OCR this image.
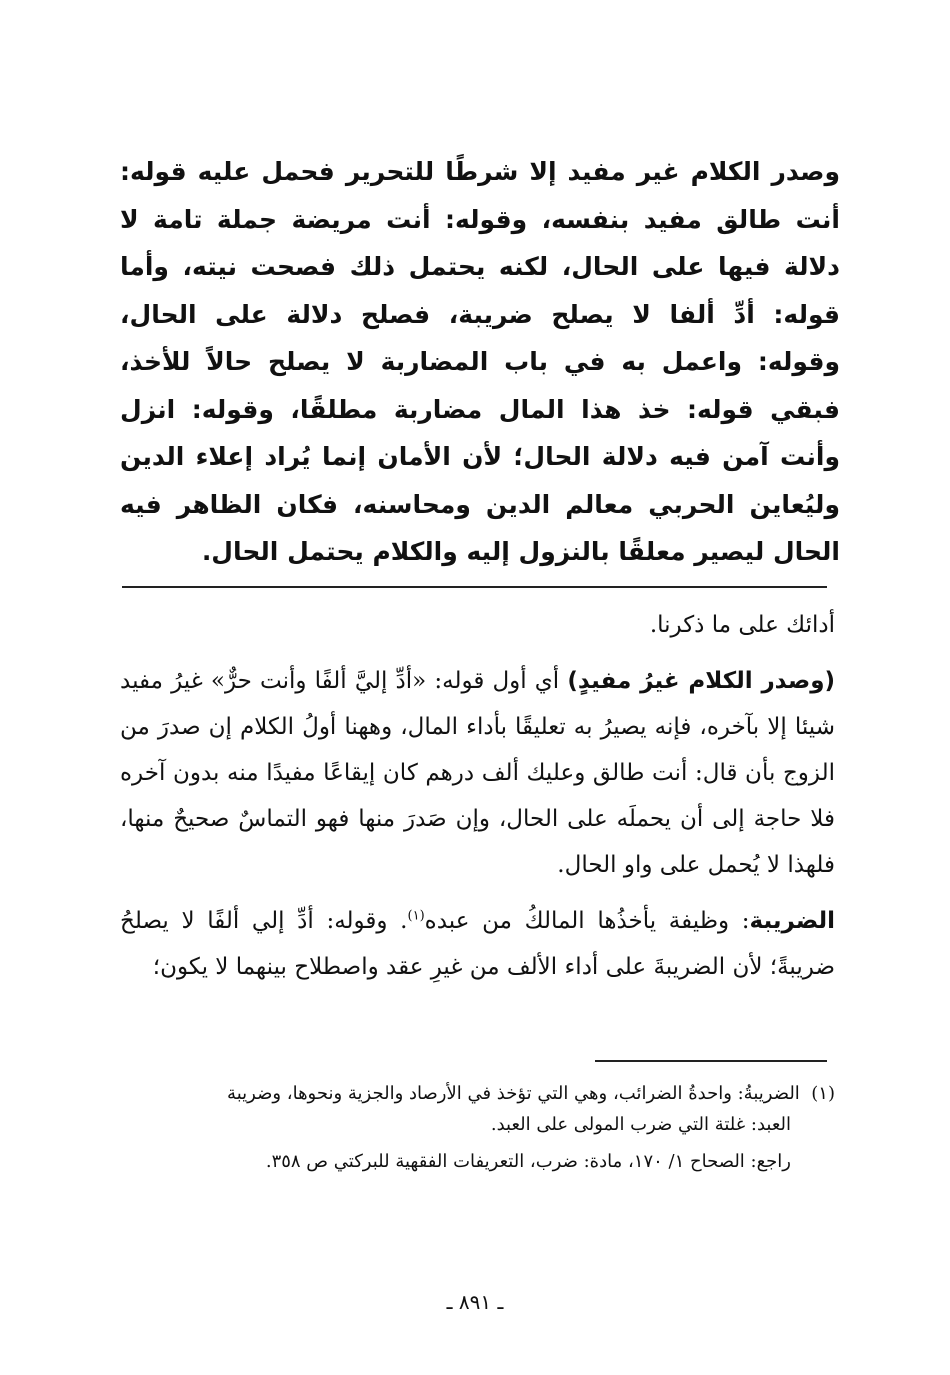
وصدر الكلام غير مفيد إلا شرطًا للتحرير فحمل عليه قوله: أنت طالق مفيد بنفسه، وقوله: أنت مريضة جملة تامة لا دلالة فيها على الحال، لكنه يحتمل ذلك فصحت نيته، وأما قوله: أدِّ ألفا لا يصلح ضريبة، فصلح دلالة على الحال، وقوله: واعمل به في باب المضاربة لا يصلح حالاً للأخذ، فبقي قوله: خذ هذا المال مضاربة مطلقًا، وقوله: انزل وأنت آمن فيه دلالة الحال؛ لأن الأمان إنما يُراد إعلاء الدين وليُعاين الحربي معالم الدين ومحاسنه، فكان الظاهر فيه الحال ليصير معلقًا بالنزول إليه والكلام يحتمل الحال.

أدائك على ما ذكرنا.

(وصدر الكلام غيرُ مفيدٍ) أي أول قوله: «أدِّ إليَّ ألفًا وأنت حرٌّ» غيرُ مفيد شيئا إلا بآخره، فإنه يصيرُ به تعليقًا بأداء المال، وههنا أولُ الكلام إن صدرَ من الزوج بأن قال: أنت طالق وعليك ألف درهم كان إيقاعًا مفيدًا منه بدون آخره فلا حاجة إلى أن يحملَه على الحال، وإن صَدرَ منها فهو التماسٌ صحيحٌ منها، فلهذا لا يُحمل على واو الحال.

الضريبة: وظيفة يأخذُها المالكُ من عبده$^{(١)}$. وقوله: أدِّ إلي ألفًا لا يصلحُ ضريبةً؛ لأن الضريبةَ على أداء الألف من غيرِ عقد واصطلاح بينهما لا يكون؛

(١)  الضريبةُ: واحدةُ الضرائب، وهي التي تؤخذ في الأرصاد والجزية ونحوها، وضريبة

العبد: غلتة التي ضرب المولى على العبد.

راجع: الصحاح ١/ ١٧٠، مادة: ضرب، التعريفات الفقهية للبركتي ص ٣٥٨.

ـ ٨٩١ ـ
